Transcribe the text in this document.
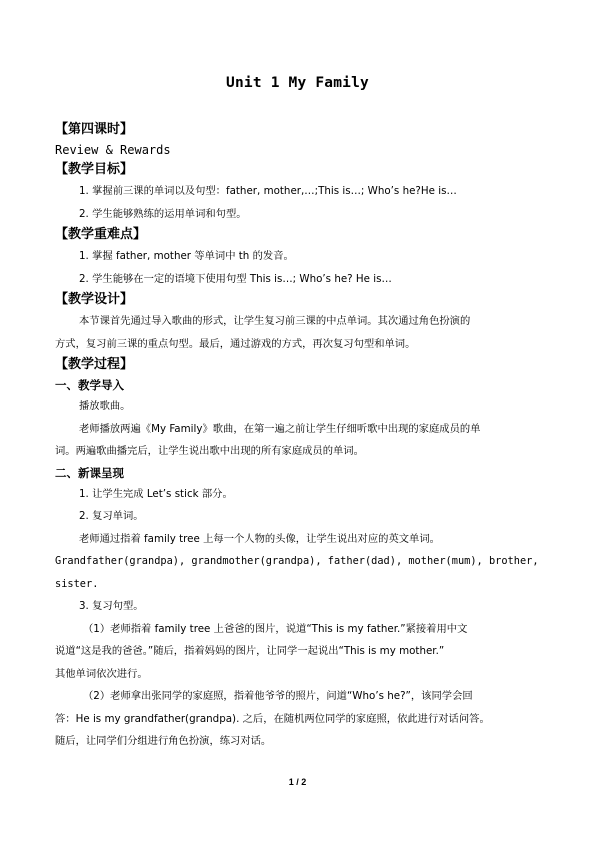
Unit 1 My Family

【第四课时】

Review & Rewards

【教学目标】

1. 掌握前三课的单词以及句型：father, mother,…;This is…; Who’s he?He is…

2. 学生能够熟练的运用单词和句型。

【教学重难点】

1. 掌握 father, mother 等单词中 th 的发音。

2. 学生能够在一定的语境下使用句型 This is…; Who’s he? He is…

【教学设计】

本节课首先通过导入歌曲的形式，让学生复习前三课的中点单词。其次通过角色扮演的

方式，复习前三课的重点句型。最后，通过游戏的方式，再次复习句型和单词。

【教学过程】

一、教学导入

播放歌曲。

老师播放两遍《My Family》歌曲，在第一遍之前让学生仔细听歌中出现的家庭成员的单

词。两遍歌曲播完后，让学生说出歌中出现的所有家庭成员的单词。

二、新课呈现

1. 让学生完成 Let’s stick 部分。

2. 复习单词。

老师通过指着 family tree 上每一个人物的头像，让学生说出对应的英文单词。

Grandfather(grandpa), grandmother(grandpa), father(dad), mother(mum), brother,

sister.

3. 复习句型。

（1）老师指着 family tree 上爸爸的图片，说道“This is my father.”紧接着用中文

说道“这是我的爸爸。”随后，指着妈妈的图片，让同学一起说出“This is my mother.”

其他单词依次进行。

（2）老师拿出张同学的家庭照，指着他爷爷的照片，问道“Who’s he?”，该同学会回

答：He is my grandfather(grandpa). 之后，在随机两位同学的家庭照，依此进行对话问答。

随后，让同学们分组进行角色扮演，练习对话。

1 / 2
